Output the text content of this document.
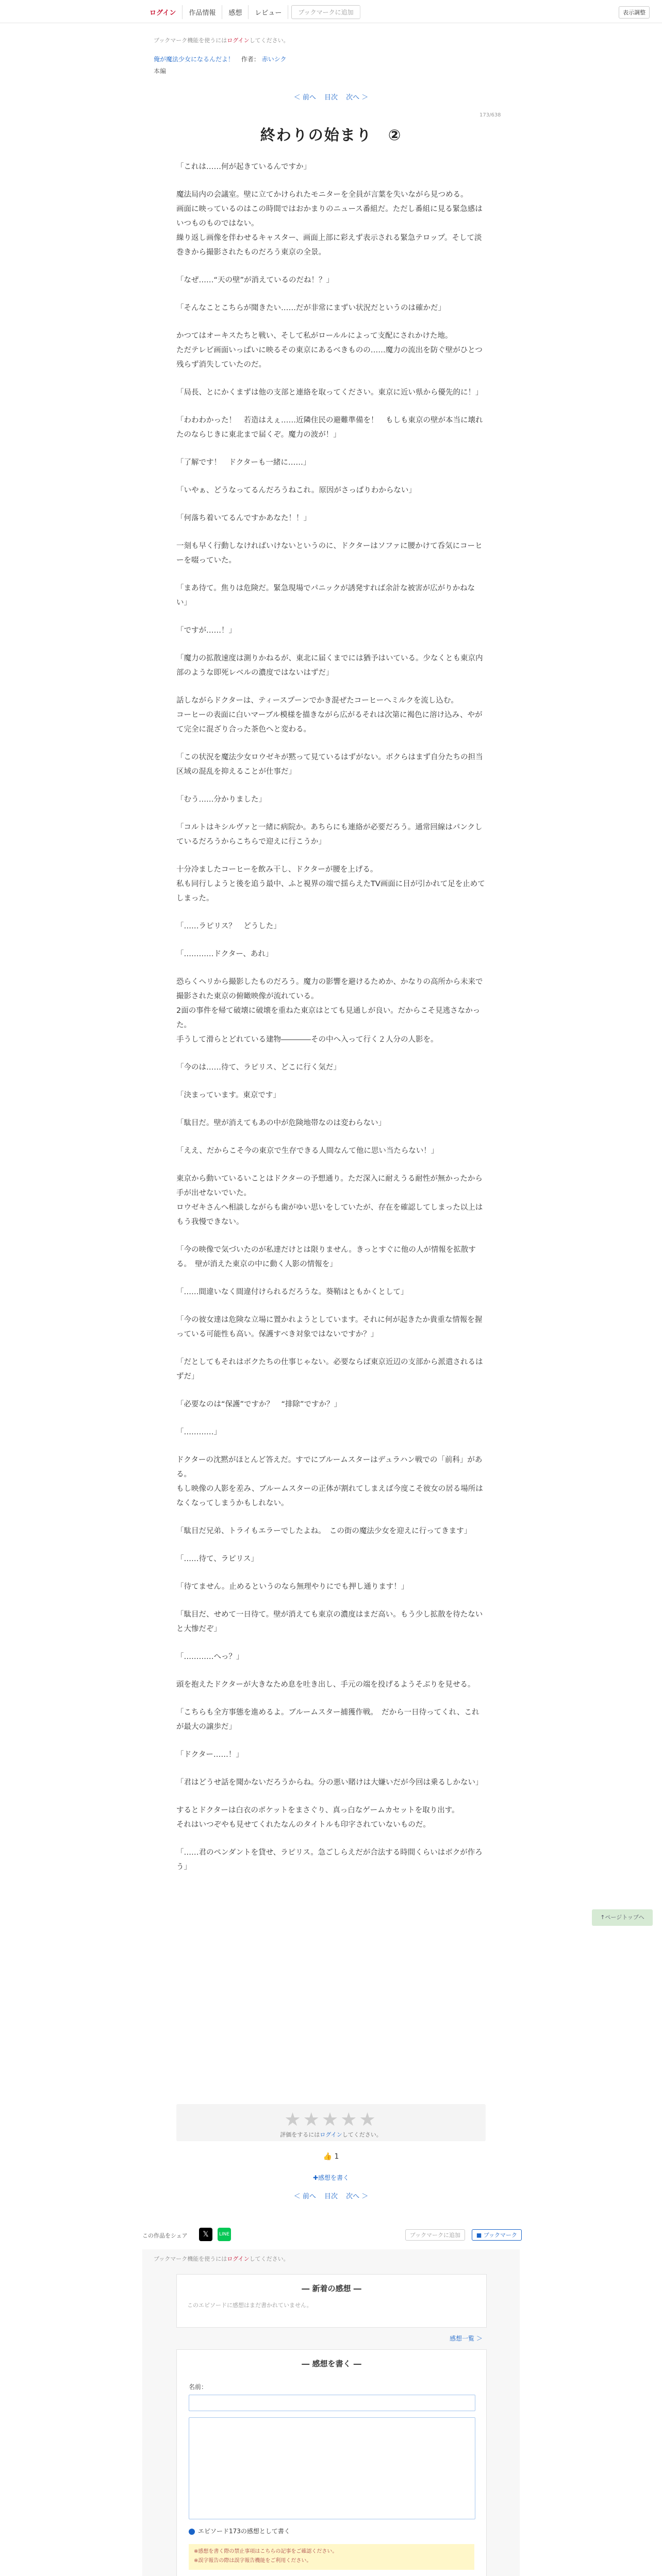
ログイン	作品情報	感想	レビュー	ブックマークに追加	表示調整
ブックマーク機能を使うにはログインしてください。
俺が魔法少女になるんだよ！ 作者： 赤いシク
本編
＜ 前へ 目次 次へ ＞
173/638
終わりの始まり　②

「これは……何が起きているんですか」

魔法局内の会議室。壁に立てかけられたモニターを全員が言葉を失いながら見つめる。
画面に映っているのはこの時間ではおかまりのニュース番組だ。ただし番組に見る緊急感はいつものものではない。
繰り返し画像を伴わせるキャスター、画面上部に彩えず表示される緊急テロップ。そして淡巻きから撮影されたものだろう東京の全景。

「なぜ……“天の壁”が消えているのだね！？」

「そんなことこちらが聞きたい……だが非常にまずい状況だというのは確かだ」

かつてはオーキスたちと戦い、そして私がロールルによって支配にされかけた地。
ただテレビ画面いっぱいに映るその東京にあるべきものの……魔力の流出を防ぐ壁がひとつ残らず消失していたのだ。

「局長、とにかくまずは他の支部と連絡を取ってください。東京に近い県から優先的に！」

「わわわかった！　若造はえぇ……近隣住民の避難準備を！　もしも東京の壁が本当に壊れたのならじきに東北まで届くぞ。魔力の波が！」

「了解です！　ドクターも一緒に……」

「いやぁ、どうなってるんだろうねこれ。原因がさっぱりわからない」

「何落ち着いてるんですかあなた！！」

一刻も早く行動しなければいけないというのに、ドクターはソファに腰かけて呑気にコーヒーを啜っていた。

「まあ待て。焦りは危険だ。緊急現場でパニックが誘発すれば余計な被害が広がりかねない」

「ですが……！」

「魔力の拡散速度は測りかねるが、東北に届くまでには猶予はいている。少なくとも東京内部のような即死レベルの濃度ではないはずだ」

話しながらドクターは、ティースプーンでかき混ぜたコーヒーへミルクを流し込む。
コーヒーの表面に白いマーブル模様を描きながら広がるそれは次第に褐色に溶け込み、やがて完全に混ざり合った茶色へと変わる。

「この状況を魔法少女ロウゼキが黙って見ているはずがない。ボクらはまず自分たちの担当区域の混乱を抑えることが仕事だ」

「むう……分かりました」

「コルトはキシルヴァと一緒に病院か。あちらにも連絡が必要だろう。通常回線はパンクしているだろうからこちらで迎えに行こうか」

十分冷ましたコーヒーを飲み干し、ドクターが腰を上げる。
私も同行しようと後を追う最中、ふと視界の端で揺らえたTV画面に目が引かれて足を止めてしまった。

「……ラピリス？　どうした」

「…………ドクター、あれ」

恐らくヘリから撮影したものだろう。魔力の影響を避けるためか、かなりの高所から未来で撮影された東京の俯瞰映像が流れている。
2面の事件を帰て破壊に破壊を重ねた東京はとても見通しが良い。だからこそ見逃さなかった。
手うして滑らとどれている建物――――その中へ入って行く２人分の人影を。

「今のは……待て、ラピリス、どこに行く気だ」

「決まっています。東京です」

「駄目だ。壁が消えてもあの中が危険地帯なのは変わらない」

「ええ、だからこそ今の東京で生存できる人間なんて他に思い当たらない！」

東京から動いているいことはドクターの予想通り。ただ深入に耐えうる耐性が無かったから手が出せないでいた。
ロウゼキさんへ相談しながらも歯がゆい思いをしていたが、存在を確認してしまった以上はもう我慢できない。

「今の映像で気づいたのが私達だけとは限りません。きっとすぐに他の人が情報を拡散する。　壁が消えた東京の中に動く人影の情報を」

「……間違いなく間違付けられるだろうな。葵鞘はともかくとして」

「今の彼女達は危険な立場に置かれようとしています。それに何が起きたか貴重な情報を握っている可能性も高い。保護すべき対象ではないですか？」

「だとしてもそれはボクたちの仕事じゃない。必要ならば東京近辺の支部から派遣されるはずだ」

「必要なのは“保護”ですか？　“排除”ですか？」

「…………」

ドクターの沈黙がほとんど答えだ。すでにブルームスターはデュラハン戦での「前科」がある。
もし映像の人影を差み、ブルームスターの正体が割れてしまえば今度こそ彼女の居る場所はなくなってしまうかもしれない。

「駄目だ兄弟、トライもエラーでしたよね。　この街の魔法少女を迎えに行ってきます」

「……待て、ラピリス」

「待てません。止めるというのなら無理やりにでも押し通ります！」

「駄目だ、せめて一日待て。壁が消えても東京の濃度はまだ高い。もう少し拡散を待たないと大惨だぞ」

「…………へっ？」

頭を抱えたドクターが大きなため息を吐き出し、手元の端を投げるようそぶりを見せる。

「こちらも全方事態を進めるよ。ブルームスター捕獲作戦。　だから一日待ってくれ、これが最大の譲歩だ」

「ドクター……！」

「君はどうせ話を聞かないだろうからね。分の悪い賭けは大嫌いだが今回は乗るしかない」

するとドクターは白衣のポケットをまさぐり、真っ白なゲームカセットを取り出す。
それはいつぞやも見せてくれたなんのタイトルも印字されていないものだ。

「……君のペンダントを貸せ、ラピリス。急ごしらえだが合法する時間くらいはボクが作ろう」

★★★★★
評価をするにはログインしてください。
👍 1
✚感想を書く
＜ 前へ 目次 次へ ＞
この作品をシェア	𝕏	LINE	ブックマークに追加	■ ブックマーク
ブックマーク機能を使うにはログインしてください。
― 新着の感想 ―
このエピソードに感想はまだ書かれていません。
感想一覧 ＞
― 感想を書く ―
名前：
エピソード173の感想として書く
※感想を書く際の禁止事項はこちらの記事をご確認ください。
※誤字報告の際は誤字報告機能をご利用ください。
↑ページトップへ
